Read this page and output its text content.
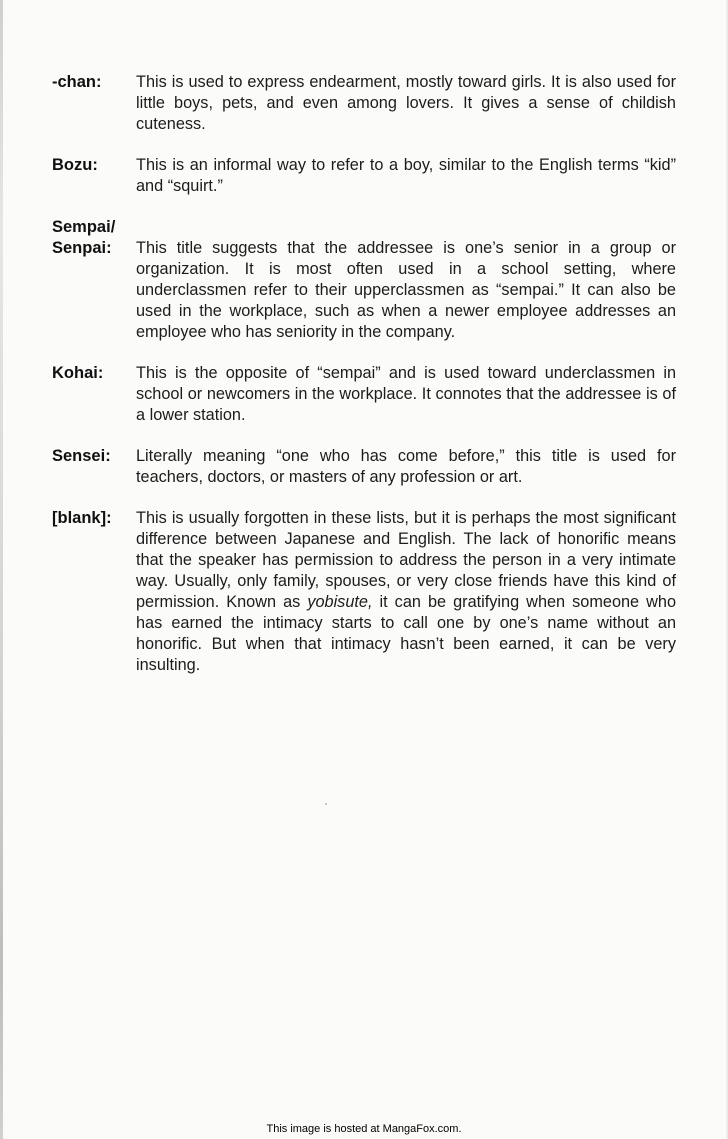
-chan:	This is used to express endearment, mostly toward girls. It is also used for little boys, pets, and even among lovers. It gives a sense of childish cuteness.
Bozu:	This is an informal way to refer to a boy, similar to the English terms “kid” and “squirt.”
Sempai/
Senpai:	This title suggests that the addressee is one’s senior in a group or organization. It is most often used in a school setting, where underclassmen refer to their upperclassmen as “sempai.” It can also be used in the workplace, such as when a newer employee addresses an employee who has seniority in the company.
Kohai:	This is the opposite of “sempai” and is used toward underclassmen in school or newcomers in the workplace. It connotes that the addressee is of a lower station.
Sensei:	Literally meaning “one who has come before,” this title is used for teachers, doctors, or masters of any profession or art.
[blank]:	This is usually forgotten in these lists, but it is perhaps the most significant difference between Japanese and English. The lack of honorific means that the speaker has permission to address the person in a very intimate way. Usually, only family, spouses, or very close friends have this kind of permission. Known as yobisute, it can be gratifying when someone who has earned the intimacy starts to call one by one’s name without an honorific. But when that intimacy hasn’t been earned, it can be very insulting.
This image is hosted at MangaFox.com.
